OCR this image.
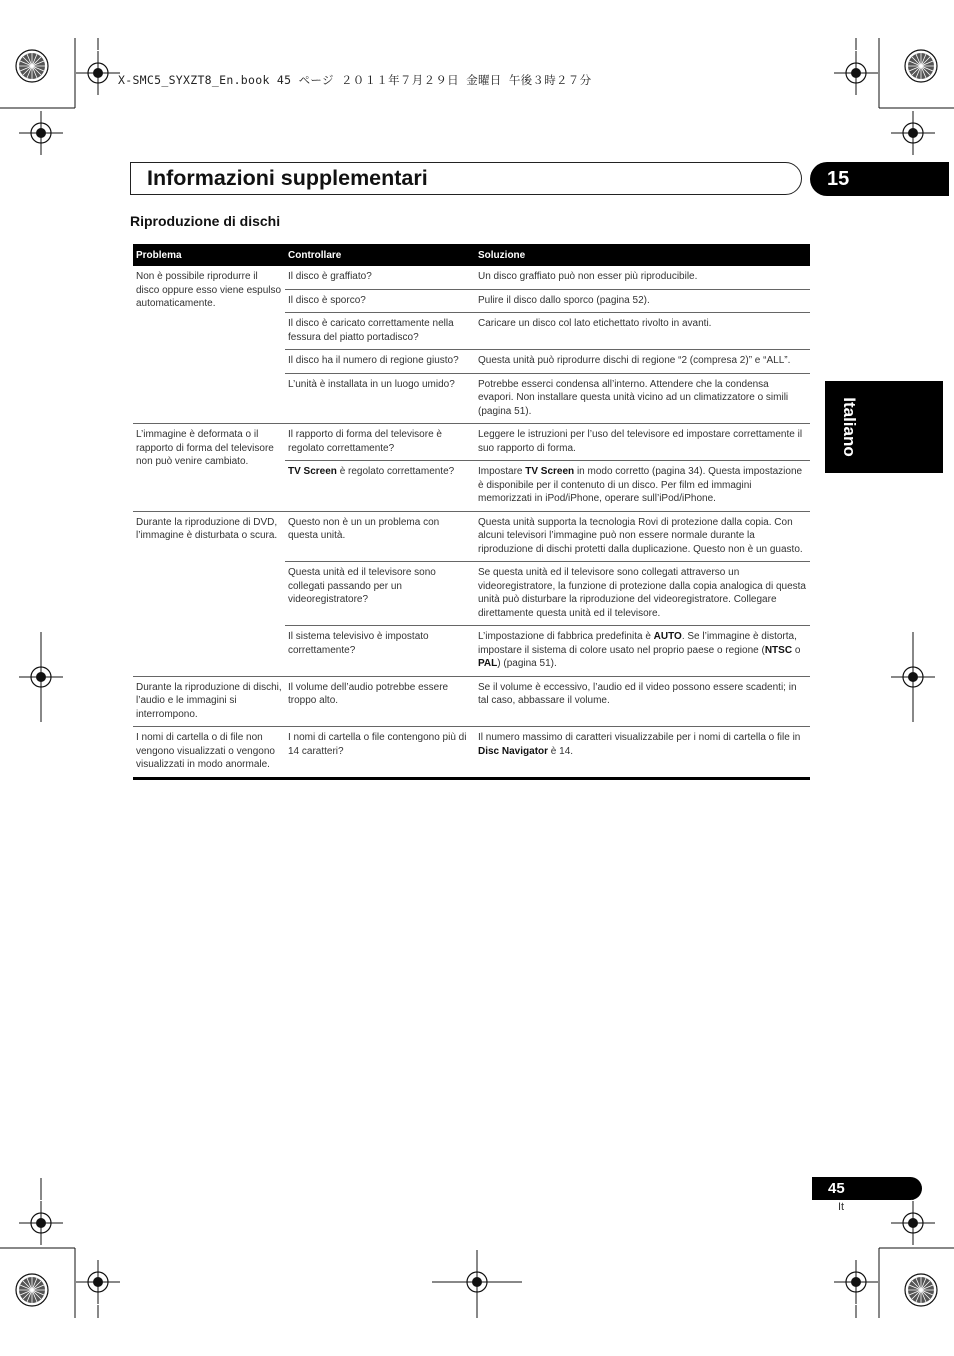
X-SMC5_SYXZT8_En.book 45 ページ ２０１１年７月２９日 金曜日 午後３時２７分
Informazioni supplementari	15
Italiano
Riproduzione di dischi
Problema	Controllare	Soluzione
Non è possibile riprodurre il disco oppure esso viene espulso automaticamente.	Il disco è graffiato?	Un disco graffiato può non esser più riproducibile.
	Il disco è sporco?	Pulire il disco dallo sporco (pagina 52).
	Il disco è caricato correttamente nella fessura del piatto portadisco?	Caricare un disco col lato etichettato rivolto in avanti.
	Il disco ha il numero di regione giusto?	Questa unità può riprodurre dischi di regione “2 (compresa 2)” e “ALL”.
	L’unità è installata in un luogo umido?	Potrebbe esserci condensa all’interno. Attendere che la condensa evapori. Non installare questa unità vicino ad un climatizzatore o simili (pagina 51).
L’immagine è deformata o il rapporto di forma del televisore non può venire cambiato.	Il rapporto di forma del televisore è regolato correttamente?	Leggere le istruzioni per l’uso del televisore ed impostare correttamente il suo rapporto di forma.
	TV Screen è regolato correttamente?	Impostare TV Screen in modo corretto (pagina 34). Questa impostazione è disponibile per il contenuto di un disco. Per film ed immagini memorizzati in iPod/iPhone, operare sull’iPod/iPhone.
Durante la riproduzione di DVD, l’immagine è disturbata o scura.	Questo non è un un problema con questa unità.	Questa unità supporta la tecnologia Rovi di protezione dalla copia. Con alcuni televisori l’immagine può non essere normale durante la riproduzione di dischi protetti dalla duplicazione. Questo non è un guasto.
	Questa unità ed il televisore sono collegati passando per un videoregistratore?	Se questa unità ed il televisore sono collegati attraverso un videoregistratore, la funzione di protezione dalla copia analogica di questa unità può disturbare la riproduzione del videoregistratore. Collegare direttamente questa unità ed il televisore.
	Il sistema televisivo è impostato correttamente?	L’impostazione di fabbrica predefinita è AUTO. Se l’immagine è distorta, impostare il sistema di colore usato nel proprio paese o regione (NTSC o PAL) (pagina 51).
Durante la riproduzione di dischi, l’audio e le immagini si interrompono.	Il volume dell’audio potrebbe essere troppo alto.	Se il volume è eccessivo, l’audio ed il video possono essere scadenti; in tal caso, abbassare il volume.
I nomi di cartella o di file non vengono visualizzati o vengono visualizzati in modo anormale.	I nomi di cartella o file contengono più di 14 caratteri?	Il numero massimo di caratteri visualizzabile per i nomi di cartella o file in Disc Navigator è 14.
45
It
